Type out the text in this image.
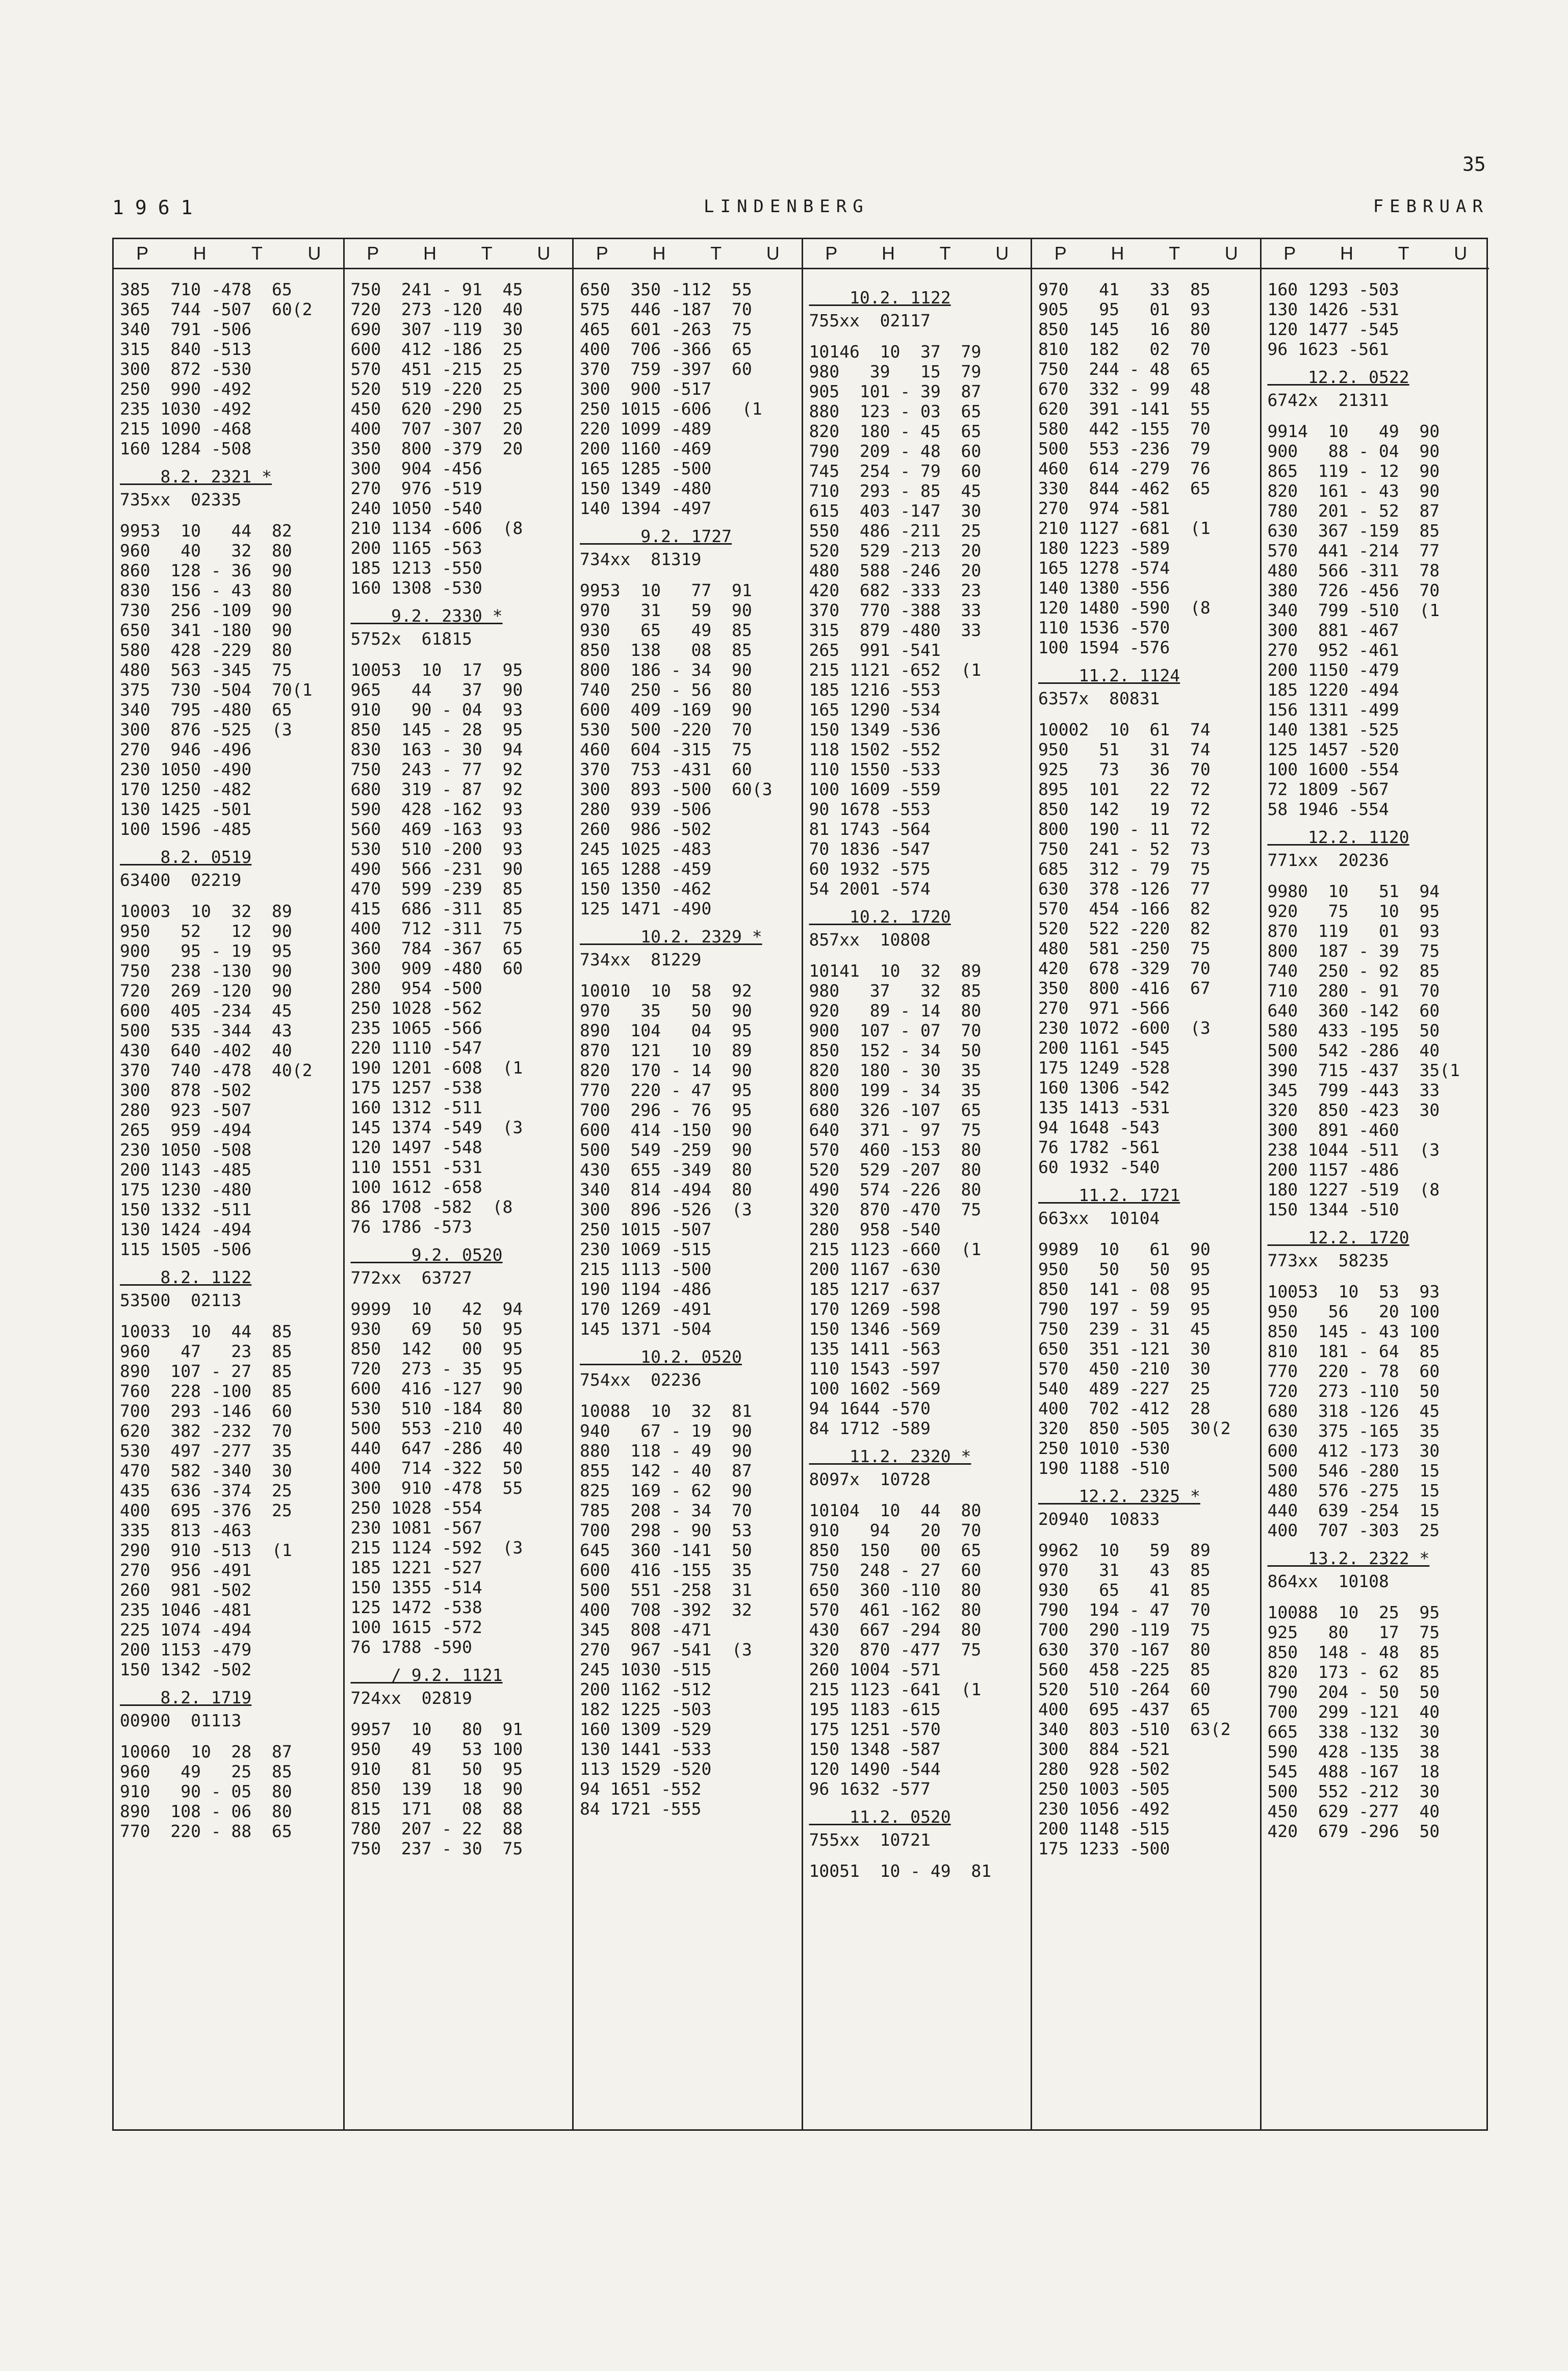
35
1961	LINDENBERG	FEBRUAR
P	H	T	U
385  710 -478  65
365  744 -507  60(2
340  791 -506
315  840 -513
300  872 -530
250  990 -492
235 1030 -492
215 1090 -468
160 1284 -508
8.2. 2321 *
735xx  02335
9953  10   44  82
960   40   32  80
860  128 - 36  90
830  156 - 43  80
730  256 -109  90
650  341 -180  90
580  428 -229  80
480  563 -345  75
375  730 -504  70(1
340  795 -480  65
300  876 -525  (3
270  946 -496
230 1050 -490
170 1250 -482
130 1425 -501
100 1596 -485
8.2. 0519
63400  02219
10003  10  32  89
950   52   12  90
900   95 - 19  95
750  238 -130  90
720  269 -120  90
600  405 -234  45
500  535 -344  43
430  640 -402  40
370  740 -478  40(2
300  878 -502
280  923 -507
265  959 -494
230 1050 -508
200 1143 -485
175 1230 -480
150 1332 -511
130 1424 -494
115 1505 -506
8.2. 1122
53500  02113
10033  10  44  85
960   47   23  85
890  107 - 27  85
760  228 -100  85
700  293 -146  60
620  382 -232  70
530  497 -277  35
470  582 -340  30
435  636 -374  25
400  695 -376  25
335  813 -463
290  910 -513  (1
270  956 -491
260  981 -502
235 1046 -481
225 1074 -494
200 1153 -479
150 1342 -502
8.2. 1719
00900  01113
10060  10  28  87
960   49   25  85
910   90 - 05  80
890  108 - 06  80
770  220 - 88  65
P	H	T	U
750  241 - 91  45
720  273 -120  40
690  307 -119  30
600  412 -186  25
570  451 -215  25
520  519 -220  25
450  620 -290  25
400  707 -307  20
350  800 -379  20
300  904 -456
270  976 -519
240 1050 -540
210 1134 -606  (8
200 1165 -563
185 1213 -550
160 1308 -530
9.2. 2330 *
5752x  61815
10053  10  17  95
965   44   37  90
910   90 - 04  93
850  145 - 28  95
830  163 - 30  94
750  243 - 77  92
680  319 - 87  92
590  428 -162  93
560  469 -163  93
530  510 -200  93
490  566 -231  90
470  599 -239  85
415  686 -311  85
400  712 -311  75
360  784 -367  65
300  909 -480  60
280  954 -500
250 1028 -562
235 1065 -566
220 1110 -547
190 1201 -608  (1
175 1257 -538
160 1312 -511
145 1374 -549  (3
120 1497 -548
110 1551 -531
100 1612 -658
86 1708 -582  (8
76 1786 -573
9.2. 0520
772xx  63727
9999  10   42  94
930   69   50  95
850  142   00  95
720  273 - 35  95
600  416 -127  90
530  510 -184  80
500  553 -210  40
440  647 -286  40
400  714 -322  50
300  910 -478  55
250 1028 -554
230 1081 -567
215 1124 -592  (3
185 1221 -527
150 1355 -514
125 1472 -538
100 1615 -572
76 1788 -590
/ 9.2. 1121
724xx  02819
9957  10   80  91
950   49   53 100
910   81   50  95
850  139   18  90
815  171   08  88
780  207 - 22  88
750  237 - 30  75
P	H	T	U
650  350 -112  55
575  446 -187  70
465  601 -263  75
400  706 -366  65
370  759 -397  60
300  900 -517
250 1015 -606   (1
220 1099 -489
200 1160 -469
165 1285 -500
150 1349 -480
140 1394 -497
9.2. 1727
734xx  81319
9953  10   77  91
970   31   59  90
930   65   49  85
850  138   08  85
800  186 - 34  90
740  250 - 56  80
600  409 -169  90
530  500 -220  70
460  604 -315  75
370  753 -431  60
300  893 -500  60(3
280  939 -506
260  986 -502
245 1025 -483
165 1288 -459
150 1350 -462
125 1471 -490
10.2. 2329 *
734xx  81229
10010  10  58  92
970   35   50  90
890  104   04  95
870  121   10  89
820  170 - 14  90
770  220 - 47  95
700  296 - 76  95
600  414 -150  90
500  549 -259  90
430  655 -349  80
340  814 -494  80
300  896 -526  (3
250 1015 -507
230 1069 -515
215 1113 -500
190 1194 -486
170 1269 -491
145 1371 -504
10.2. 0520
754xx  02236
10088  10  32  81
940   67 - 19  90
880  118 - 49  90
855  142 - 40  87
825  169 - 62  90
785  208 - 34  70
700  298 - 90  53
645  360 -141  50
600  416 -155  35
500  551 -258  31
400  708 -392  32
345  808 -471
270  967 -541  (3
245 1030 -515
200 1162 -512
182 1225 -503
160 1309 -529
130 1441 -533
113 1529 -520
94 1651 -552
84 1721 -555
P	H	T	U
10.2. 1122
755xx  02117
10146  10  37  79
980   39   15  79
905  101 - 39  87
880  123 - 03  65
820  180 - 45  65
790  209 - 48  60
745  254 - 79  60
710  293 - 85  45
615  403 -147  30
550  486 -211  25
520  529 -213  20
480  588 -246  20
420  682 -333  23
370  770 -388  33
315  879 -480  33
265  991 -541
215 1121 -652  (1
185 1216 -553
165 1290 -534
150 1349 -536
118 1502 -552
110 1550 -533
100 1609 -559
90 1678 -553
81 1743 -564
70 1836 -547
60 1932 -575
54 2001 -574
10.2. 1720
857xx  10808
10141  10  32  89
980   37   32  85
920   89 - 14  80
900  107 - 07  70
850  152 - 34  50
820  180 - 30  35
800  199 - 34  35
680  326 -107  65
640  371 - 97  75
570  460 -153  80
520  529 -207  80
490  574 -226  80
320  870 -470  75
280  958 -540
215 1123 -660  (1
200 1167 -630
185 1217 -637
170 1269 -598
150 1346 -569
135 1411 -563
110 1543 -597
100 1602 -569
94 1644 -570
84 1712 -589
11.2. 2320 *
8097x  10728
10104  10  44  80
910   94   20  70
850  150   00  65
750  248 - 27  60
650  360 -110  80
570  461 -162  80
430  667 -294  80
320  870 -477  75
260 1004 -571
215 1123 -641  (1
195 1183 -615
175 1251 -570
150 1348 -587
120 1490 -544
96 1632 -577
11.2. 0520
755xx  10721
10051  10 - 49  81
P	H	T	U
970   41   33  85
905   95   01  93
850  145   16  80
810  182   02  70
750  244 - 48  65
670  332 - 99  48
620  391 -141  55
580  442 -155  70
500  553 -236  79
460  614 -279  76
330  844 -462  65
270  974 -581
210 1127 -681  (1
180 1223 -589
165 1278 -574
140 1380 -556
120 1480 -590  (8
110 1536 -570
100 1594 -576
11.2. 1124
6357x  80831
10002  10  61  74
950   51   31  74
925   73   36  70
895  101   22  72
850  142   19  72
800  190 - 11  72
750  241 - 52  73
685  312 - 79  75
630  378 -126  77
570  454 -166  82
520  522 -220  82
480  581 -250  75
420  678 -329  70
350  800 -416  67
270  971 -566
230 1072 -600  (3
200 1161 -545
175 1249 -528
160 1306 -542
135 1413 -531
94 1648 -543
76 1782 -561
60 1932 -540
11.2. 1721
663xx  10104
9989  10   61  90
950   50   50  95
850  141 - 08  95
790  197 - 59  95
750  239 - 31  45
650  351 -121  30
570  450 -210  30
540  489 -227  25
400  702 -412  28
320  850 -505  30(2
250 1010 -530
190 1188 -510
12.2. 2325 *
20940  10833
9962  10   59  89
970   31   43  85
930   65   41  85
790  194 - 47  70
700  290 -119  75
630  370 -167  80
560  458 -225  85
520  510 -264  60
400  695 -437  65
340  803 -510  63(2
300  884 -521
280  928 -502
250 1003 -505
230 1056 -492
200 1148 -515
175 1233 -500
P	H	T	U
160 1293 -503
130 1426 -531
120 1477 -545
96 1623 -561
12.2. 0522
6742x  21311
9914  10   49  90
900   88 - 04  90
865  119 - 12  90
820  161 - 43  90
780  201 - 52  87
630  367 -159  85
570  441 -214  77
480  566 -311  78
380  726 -456  70
340  799 -510  (1
300  881 -467
270  952 -461
200 1150 -479
185 1220 -494
156 1311 -499
140 1381 -525
125 1457 -520
100 1600 -554
72 1809 -567
58 1946 -554
12.2. 1120
771xx  20236
9980  10   51  94
920   75   10  95
870  119   01  93
800  187 - 39  75
740  250 - 92  85
710  280 - 91  70
640  360 -142  60
580  433 -195  50
500  542 -286  40
390  715 -437  35(1
345  799 -443  33
320  850 -423  30
300  891 -460
238 1044 -511  (3
200 1157 -486
180 1227 -519  (8
150 1344 -510
12.2. 1720
773xx  58235
10053  10  53  93
950   56   20 100
850  145 - 43 100
810  181 - 64  85
770  220 - 78  60
720  273 -110  50
680  318 -126  45
630  375 -165  35
600  412 -173  30
500  546 -280  15
480  576 -275  15
440  639 -254  15
400  707 -303  25
13.2. 2322 *
864xx  10108
10088  10  25  95
925   80   17  75
850  148 - 48  85
820  173 - 62  85
790  204 - 50  50
700  299 -121  40
665  338 -132  30
590  428 -135  38
545  488 -167  18
500  552 -212  30
450  629 -277  40
420  679 -296  50
